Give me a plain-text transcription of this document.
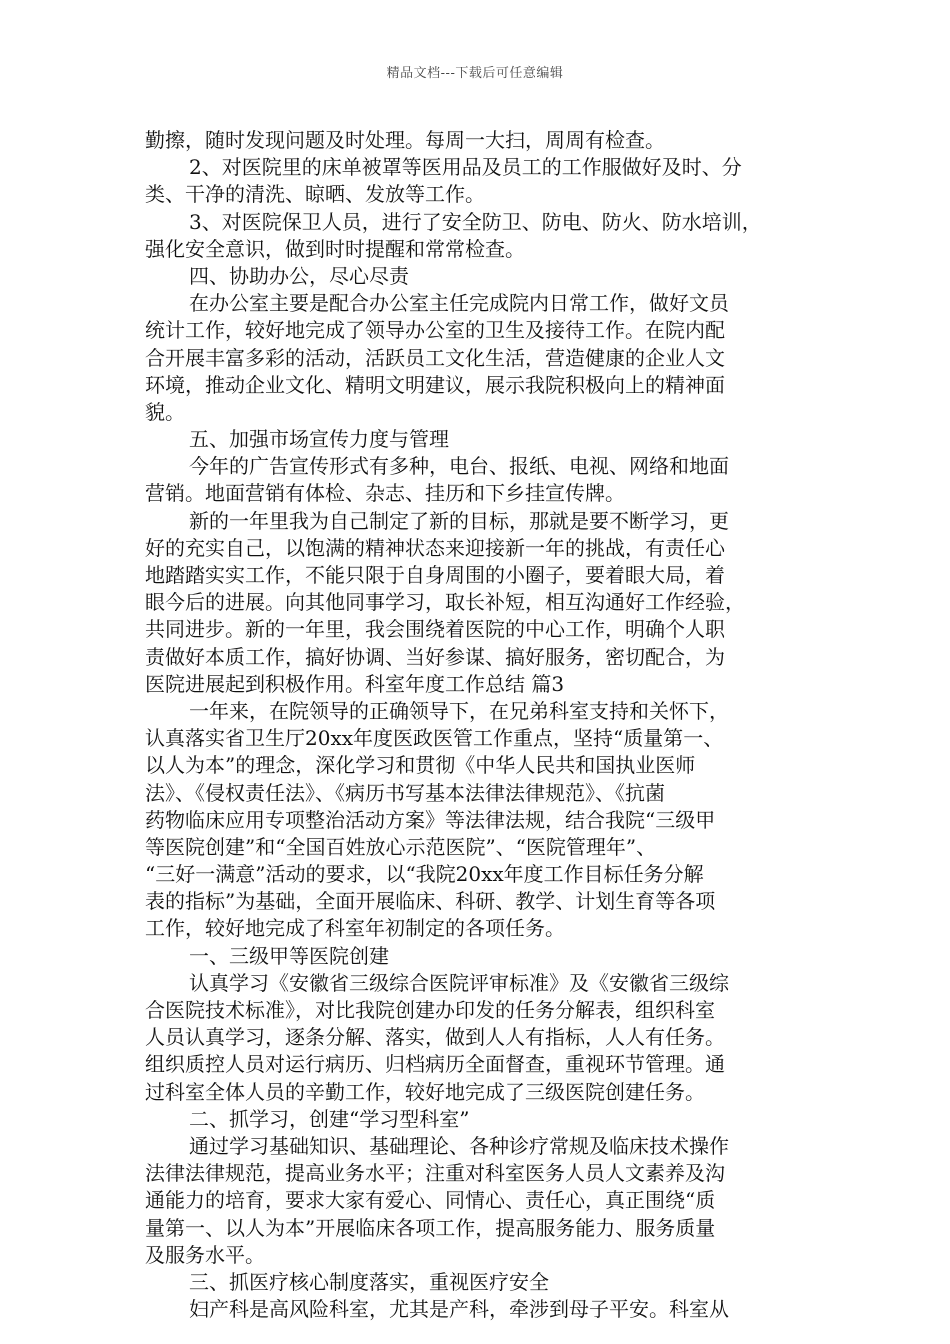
精品文档---下载后可任意编辑
勤擦，随时发现问题及时处理。每周一大扫，周周有检查。
2、对医院里的床单被罩等医用品及员工的工作服做好及时、分
类、干净的清洗、晾晒、发放等工作。
3、对医院保卫人员，进行了安全防卫、防电、防火、防水培训，
强化安全意识，做到时时提醒和常常检查。
四、协助办公，尽心尽责
在办公室主要是配合办公室主任完成院内日常工作，做好文员
统计工作，较好地完成了领导办公室的卫生及接待工作。在院内配
合开展丰富多彩的活动，活跃员工文化生活，营造健康的企业人文
环境，推动企业文化、精明文明建议，展示我院积极向上的精神面
貌。
五、加强市场宣传力度与管理
今年的广告宣传形式有多种，电台、报纸、电视、网络和地面
营销。地面营销有体检、杂志、挂历和下乡挂宣传牌。
新的一年里我为自己制定了新的目标，那就是要不断学习，更
好的充实自己，以饱满的精神状态来迎接新一年的挑战，有责任心
地踏踏实实工作，不能只限于自身周围的小圈子，要着眼大局，着
眼今后的进展。向其他同事学习，取长补短，相互沟通好工作经验，
共同进步。新的一年里，我会围绕着医院的中心工作，明确个人职
责做好本质工作，搞好协调、当好参谋、搞好服务，密切配合，为
医院进展起到积极作用。科室年度工作总结 篇3
一年来，在院领导的正确领导下，在兄弟科室支持和关怀下，
认真落实省卫生厅20xx年度医政医管工作重点，坚持“质量第一、
以人为本”的理念，深化学习和贯彻《中华人民共和国执业医师
法》、《侵权责任法》、《病历书写基本法律法律规范》、《抗菌
药物临床应用专项整治活动方案》等法律法规，结合我院“三级甲
等医院创建”和“全国百姓放心示范医院”、“医院管理年”、
“三好一满意”活动的要求，以“我院20xx年度工作目标任务分解
表的指标”为基础，全面开展临床、科研、教学、计划生育等各项
工作，较好地完成了科室年初制定的各项任务。
一、三级甲等医院创建
认真学习《安徽省三级综合医院评审标准》及《安徽省三级综
合医院技术标准》，对比我院创建办印发的任务分解表，组织科室
人员认真学习，逐条分解、落实，做到人人有指标，人人有任务。
组织质控人员对运行病历、归档病历全面督查，重视环节管理。通
过科室全体人员的辛勤工作，较好地完成了三级医院创建任务。
二、抓学习，创建“学习型科室”
通过学习基础知识、基础理论、各种诊疗常规及临床技术操作
法律法律规范，提高业务水平；注重对科室医务人员人文素养及沟
通能力的培育，要求大家有爱心、同情心、责任心，真正围绕“质
量第一、以人为本”开展临床各项工作，提高服务能力、服务质量
及服务水平。
三、抓医疗核心制度落实，重视医疗安全
妇产科是高风险科室，尤其是产科，牵涉到母子平安。科室从
